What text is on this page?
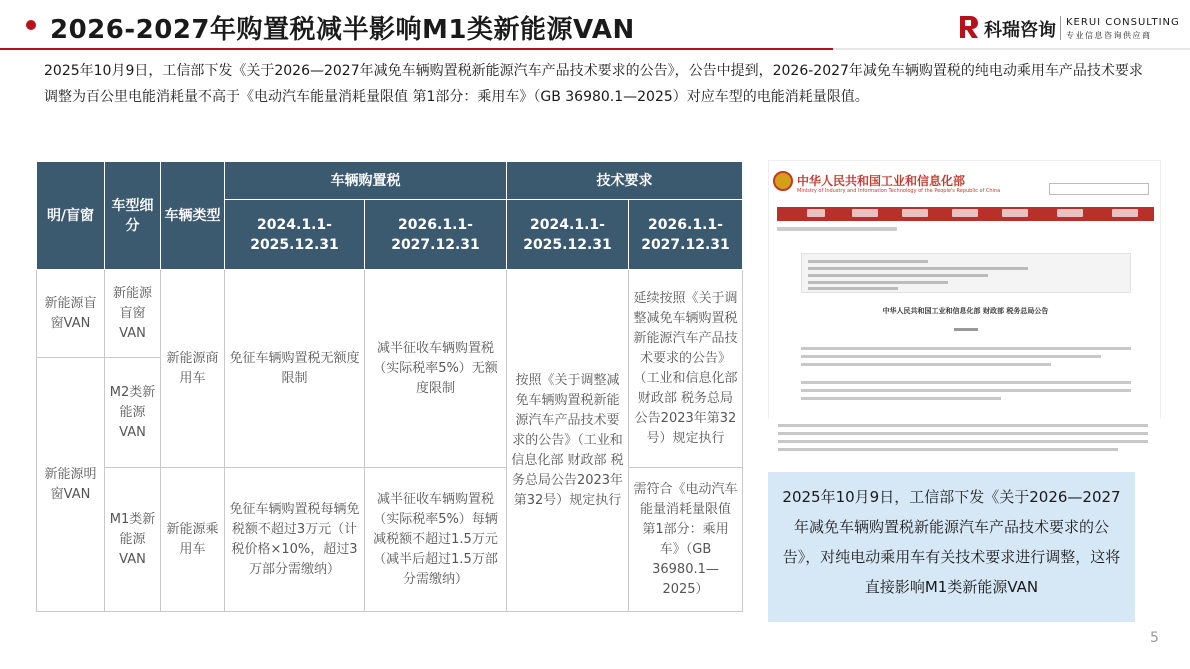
2026-2027年购置税减半影响M1类新能源VAN	科瑞咨询 KERUI CONSULTING
专业信息咨询供应商
2025年10月9日，工信部下发《关于2026—2027年减免车辆购置税新能源汽车产品技术要求的公告》，公告中提到，2026-2027年减免车辆购置税的纯电动乘用车产品技术要求调整为百公里电能消耗量不高于《电动汽车能量消耗量限值 第1部分：乘用车》（GB 36980.1—2025）对应车型的电能消耗量限值。
明/盲窗	车型细分	车辆类型	车辆购置税		技术要求	
			2024.1.1-2025.12.31	2026.1.1-2027.12.31	2024.1.1-2025.12.31	2026.1.1-2027.12.31
新能源盲窗VAN	新能源盲窗VAN	新能源商用车	免征车辆购置税无额度限制	减半征收车辆购置税（实际税率5%）无额度限制	按照《关于调整减免车辆购置税新能源汽车产品技术要求的公告》（工业和信息化部 财政部 税务总局公告2023年第32号）规定执行	延续按照《关于调整减免车辆购置税新能源汽车产品技术要求的公告》（工业和信息化部 财政部 税务总局公告2023年第32号）规定执行
新能源明窗VAN	M2类新能源VAN					
	M1类新能源VAN	新能源乘用车	免征车辆购置税每辆免税额不超过3万元（计税价格×10%，超过3万部分需缴纳）	减半征收车辆购置税（实际税率5%）每辆减税额不超过1.5万元（减半后超过1.5万部分需缴纳）		需符合《电动汽车能量消耗量限值 第1部分：乘用车》（GB 36980.1—2025）
中华人民共和国工业和信息化部
Ministry of Industry and Information Technology of the People's Republic of China
中华人民共和国工业和信息化部 财政部 税务总局公告
2025年10月9日，工信部下发《关于2026—2027年减免车辆购置税新能源汽车产品技术要求的公告》，对纯电动乘用车有关技术要求进行调整，这将直接影响M1类新能源VAN
5
